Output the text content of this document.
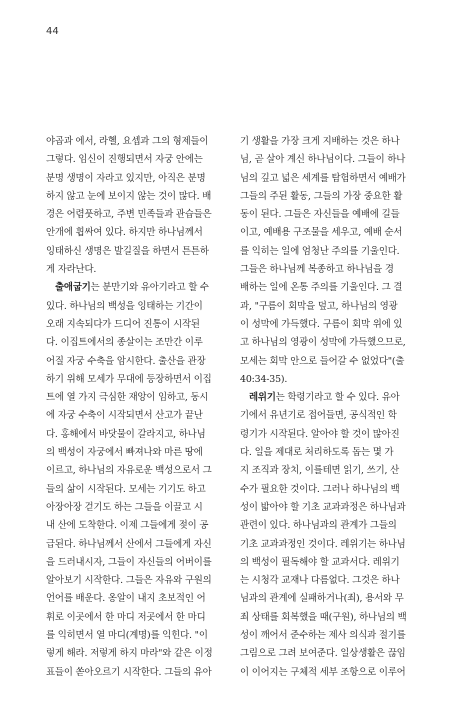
44
야곱과 에서, 라헬, 요셉과 그의 형제들이
그렇다. 임신이 진행되면서 자궁 안에는
분명 생명이 자라고 있지만, 아직은 분명
하지 않고 눈에 보이지 않는 것이 많다. 배
경은 어렴풋하고, 주변 민족들과 관습들은
안개에 휩싸여 있다. 하지만 하나님께서
잉태하신 생명은 발길질을 하면서 튼튼하
게 자라난다.
출애굽기는 분만기와 유아기라고 할 수
있다. 하나님의 백성을 잉태하는 기간이
오래 지속되다가 드디어 진통이 시작된
다. 이집트에서의 종살이는 조만간 이루
어질 자궁 수축을 암시한다. 출산을 관장
하기 위해 모세가 무대에 등장하면서 이집
트에 열 가지 극심한 재앙이 임하고, 동시
에 자궁 수축이 시작되면서 산고가 끝난
다. 홍해에서 바닷물이 갈라지고, 하나님
의 백성이 자궁에서 빠져나와 마른 땅에
이르고, 하나님의 자유로운 백성으로서 그
들의 삶이 시작된다. 모세는 기기도 하고
아장아장 걷기도 하는 그들을 이끌고 시
내 산에 도착한다. 이제 그들에게 젖이 공
급된다. 하나님께서 산에서 그들에게 자신
을 드러내시자, 그들이 자신들의 어버이를
알아보기 시작한다. 그들은 자유와 구원의
언어를 배운다. 옹알이 내지 초보적인 어
휘로 이곳에서 한 마디 저곳에서 한 마디
를 익히면서 열 마디(계명)를 익힌다. "이
렇게 해라. 저렇게 하지 마라"와 같은 이정
표들이 쏟아오르기 시작한다. 그들의 유아
기 생활을 가장 크게 지배하는 것은 하나
님, 곧 살아 계신 하나님이다. 그들이 하나
님의 깊고 넓은 세계를 탐험하면서 예배가
그들의 주된 활동, 그들의 가장 중요한 활
동이 된다. 그들은 자신들을 예배에 길들
이고, 예배용 구조물을 세우고, 예배 순서
를 익히는 일에 엄청난 주의를 기울인다.
그들은 하나님께 복종하고 하나님을 경
배하는 일에 온통 주의를 기울인다. 그 결
과, "구름이 회막을 덮고, 하나님의 영광
이 성막에 가득했다. 구름이 회막 위에 있
고 하나님의 영광이 성막에 가득했으므로,
모세는 회막 안으로 들어갈 수 없었다"(출
40:34-35).
레위기는 학령기라고 할 수 있다. 유아
기에서 유년기로 접어들면, 공식적인 학
령기가 시작된다. 알아야 할 것이 많아진
다. 일을 제대로 처리하도록 돕는 몇 가
지 조직과 장치, 이를테면 읽기, 쓰기, 산
수가 필요한 것이다. 그러나 하나님의 백
성이 밟아야 할 기초 교과과정은 하나님과
관련이 있다. 하나님과의 관계가 그들의
기초 교과과정인 것이다. 레위기는 하나님
의 백성이 필독해야 할 교과서다. 레위기
는 시청각 교재나 다름없다. 그것은 하나
님과의 관계에 실패하거나(죄), 용서와 무
죄 상태를 회복했을 때(구원), 하나님의 백
성이 깨어서 준수하는 제사 의식과 절기를
그림으로 그려 보여준다. 일상생활은 끊임
이 이어지는 구체적 세부 조항으로 이루어
